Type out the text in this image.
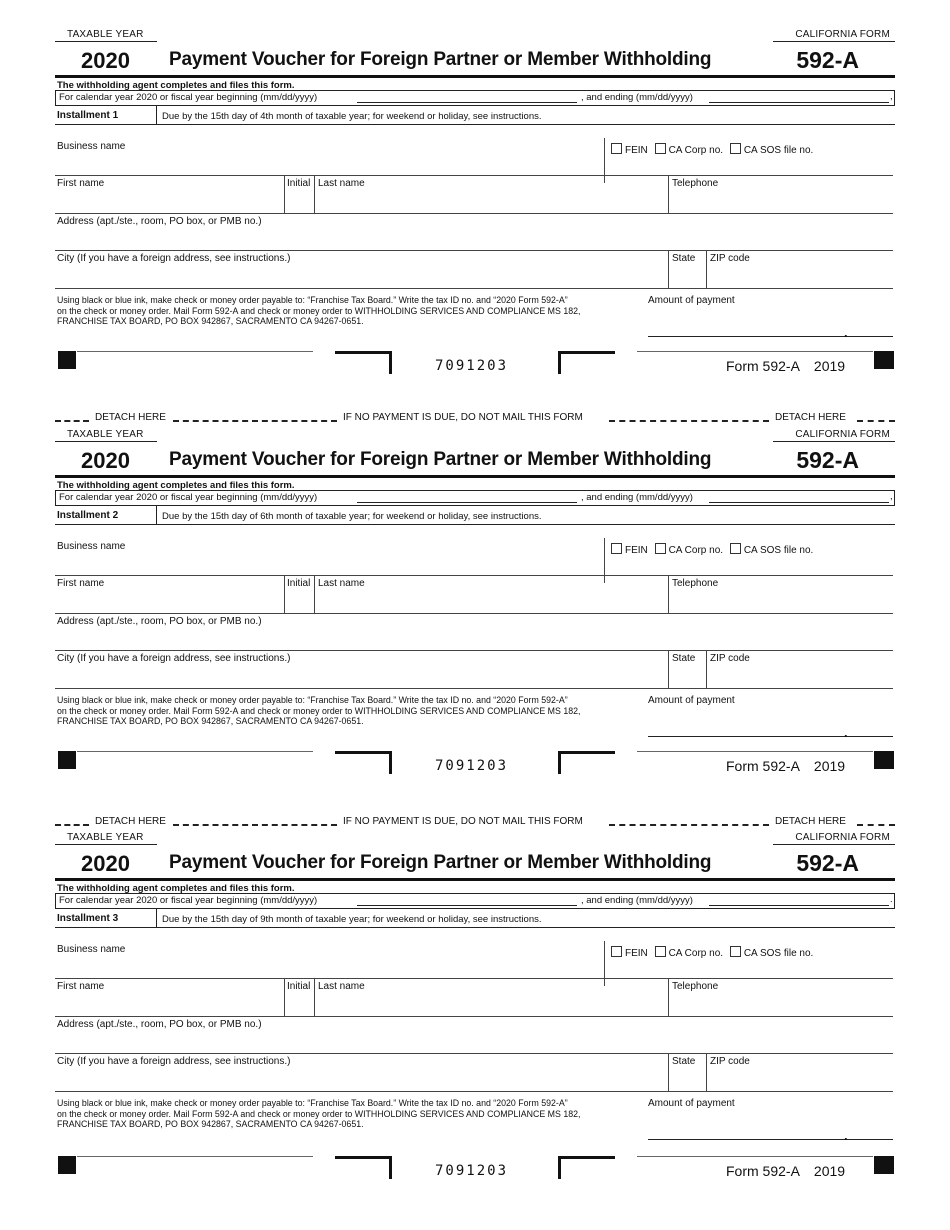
TAXABLE YEAR	CALIFORNIA FORM
2020 Payment Voucher for Foreign Partner or Member Withholding	592-A
The withholding agent completes and files this form.
For calendar year 2020 or fiscal year beginning (mm/dd/yyyy)	, and ending (mm/dd/yyyy)	,
Installment 1	Due by the 15th day of 4th month of taxable year; for weekend or holiday, see instructions.
Business name	FEIN CA Corp no. CA SOS file no.
First name	Initial Last name	Telephone
Address (apt./ste., room, PO box, or PMB no.)
City (If you have a foreign address, see instructions.)	State ZIP code
Using black or blue ink, make check or money order payable to: “Franchise Tax Board.” Write the tax ID no. and “2020 Form 592-A”
on the check or money order. Mail Form 592-A and check or money order to WITHHOLDING SERVICES AND COMPLIANCE MS 182,
FRANCHISE TAX BOARD, PO BOX 942867, SACRAMENTO CA 94267-0651.
Amount of payment
.
7091203	Form 592-A 2019
DETACH HERE	IF NO PAYMENT IS DUE, DO NOT MAIL THIS FORM	DETACH HERE
TAXABLE YEAR	CALIFORNIA FORM
2020 Payment Voucher for Foreign Partner or Member Withholding	592-A
The withholding agent completes and files this form.
For calendar year 2020 or fiscal year beginning (mm/dd/yyyy)	, and ending (mm/dd/yyyy)	,
Installment 2	Due by the 15th day of 6th month of taxable year; for weekend or holiday, see instructions.
Business name	FEIN CA Corp no. CA SOS file no.
First name	Initial Last name	Telephone
Address (apt./ste., room, PO box, or PMB no.)
City (If you have a foreign address, see instructions.)	State ZIP code
Using black or blue ink, make check or money order payable to: “Franchise Tax Board.” Write the tax ID no. and “2020 Form 592-A”
on the check or money order. Mail Form 592-A and check or money order to WITHHOLDING SERVICES AND COMPLIANCE MS 182,
FRANCHISE TAX BOARD, PO BOX 942867, SACRAMENTO CA 94267-0651.
Amount of payment
.
7091203	Form 592-A 2019
DETACH HERE	IF NO PAYMENT IS DUE, DO NOT MAIL THIS FORM	DETACH HERE
TAXABLE YEAR	CALIFORNIA FORM
2020 Payment Voucher for Foreign Partner or Member Withholding	592-A
The withholding agent completes and files this form.
For calendar year 2020 or fiscal year beginning (mm/dd/yyyy)	, and ending (mm/dd/yyyy)	.
Installment 3	Due by the 15th day of 9th month of taxable year; for weekend or holiday, see instructions.
Business name	FEIN CA Corp no. CA SOS file no.
First name	Initial Last name	Telephone
Address (apt./ste., room, PO box, or PMB no.)
City (If you have a foreign address, see instructions.)	State ZIP code
Using black or blue ink, make check or money order payable to: “Franchise Tax Board.” Write the tax ID no. and “2020 Form 592-A”
on the check or money order. Mail Form 592-A and check or money order to WITHHOLDING SERVICES AND COMPLIANCE MS 182,
FRANCHISE TAX BOARD, PO BOX 942867, SACRAMENTO CA 94267-0651.
Amount of payment
.
7091203	Form 592-A 2019
